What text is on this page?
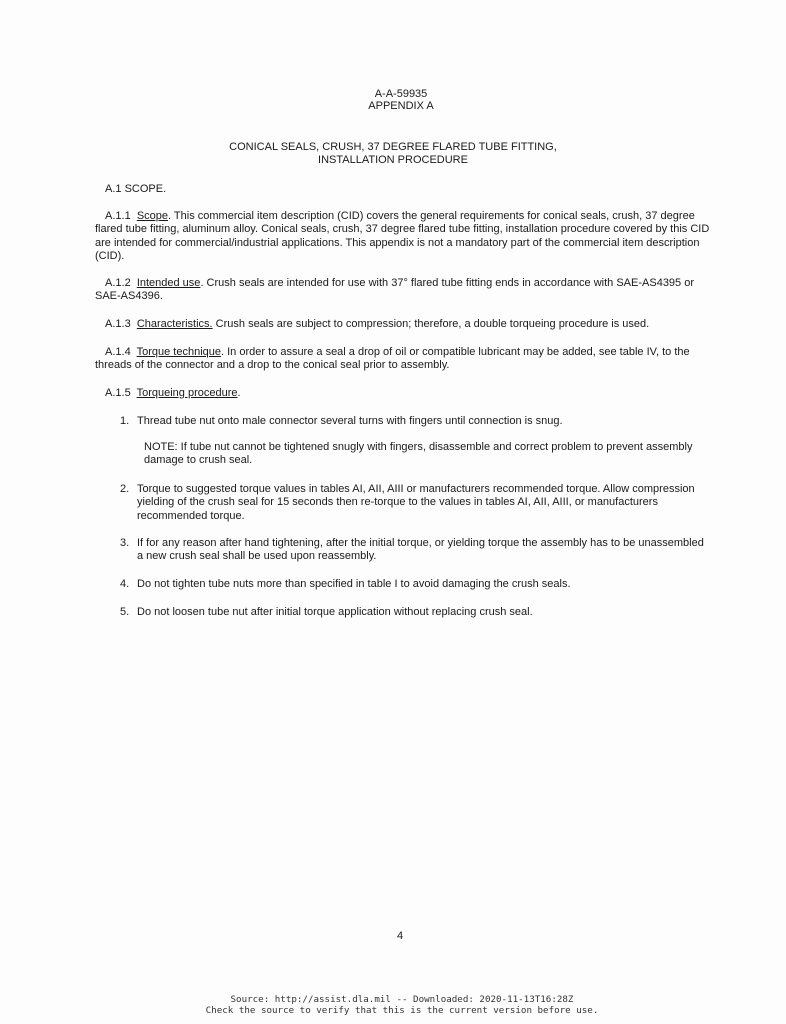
A-A-59935
APPENDIX A
CONICAL SEALS, CRUSH, 37 DEGREE FLARED TUBE FITTING,
INSTALLATION PROCEDURE
A.1 SCOPE.
A.1.1 Scope. This commercial item description (CID) covers the general requirements for conical seals, crush, 37 degree flared tube fitting, aluminum alloy. Conical seals, crush, 37 degree flared tube fitting, installation procedure covered by this CID are intended for commercial/industrial applications. This appendix is not a mandatory part of the commercial item description (CID).
A.1.2 Intended use. Crush seals are intended for use with 37° flared tube fitting ends in accordance with SAE-AS4395 or SAE-AS4396.
A.1.3 Characteristics. Crush seals are subject to compression; therefore, a double torqueing procedure is used.
A.1.4 Torque technique. In order to assure a seal a drop of oil or compatible lubricant may be added, see table IV, to the threads of the connector and a drop to the conical seal prior to assembly.
A.1.5 Torqueing procedure.
1. Thread tube nut onto male connector several turns with fingers until connection is snug.
NOTE: If tube nut cannot be tightened snugly with fingers, disassemble and correct problem to prevent assembly damage to crush seal.
2. Torque to suggested torque values in tables AI, AII, AIII or manufacturers recommended torque. Allow compression yielding of the crush seal for 15 seconds then re-torque to the values in tables AI, AII, AIII, or manufacturers recommended torque.
3. If for any reason after hand tightening, after the initial torque, or yielding torque the assembly has to be unassembled a new crush seal shall be used upon reassembly.
4. Do not tighten tube nuts more than specified in table I to avoid damaging the crush seals.
5. Do not loosen tube nut after initial torque application without replacing crush seal.
4
Source: http://assist.dla.mil -- Downloaded: 2020-11-13T16:28Z
Check the source to verify that this is the current version before use.
